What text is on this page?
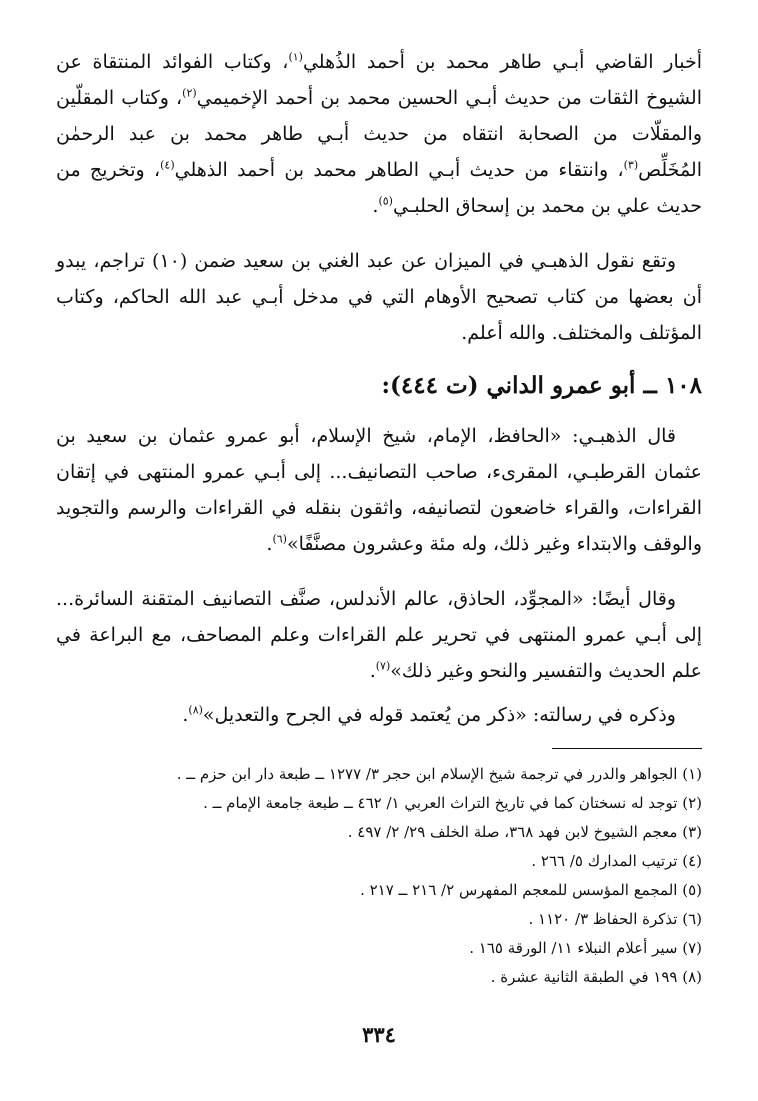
أخبار القاضي أبـي طاهر محمد بن أحمد الذُهلي$^{(١)}$، وكتاب الفوائد المنتقاة عن الشيوخ الثقات من حديث أبـي الحسين محمد بن أحمد الإخميمي$^{(٢)}$، وكتاب المقلّين والمقلّات من الصحابة انتقاه من حديث أبـي طاهر محمد بن عبد الرحمٰن المُخَلِّص$^{(٣)}$، وانتقاء من حديث أبـي الطاهر محمد بن أحمد الذهلي$^{(٤)}$، وتخريج من حديث علي بن محمد بن إسحاق الحلبـي$^{(٥)}$.

وتقع نقول الذهبـي في الميزان عن عبد الغني بن سعيد ضمن (١٠) تراجم، يبدو أن بعضها من كتاب تصحيح الأوهام التي في مدخل أبـي عبد الله الحاكم، وكتاب المؤتلف والمختلف. والله أعلم.

١٠٨ ــ أبو عمرو الداني (ت ٤٤٤):

قال الذهبـي: «الحافظ، الإمام، شيخ الإسلام، أبو عمرو عثمان بن سعيد بن عثمان القرطبـي، المقرىء، صاحب التصانيف... إلى أبـي عمرو المنتهى في إتقان القراءات، والقراء خاضعون لتصانيفه، واثقون بنقله في القراءات والرسم والتجويد والوقف والابتداء وغير ذلك، وله مئة وعشرون مصنَّفًا»$^{(٦)}$.

وقال أيضًا: «المجوِّد، الحاذق، عالم الأندلس، صنَّف التصانيف المتقنة السائرة... إلى أبـي عمرو المنتهى في تحرير علم القراءات وعلم المصاحف، مع البراعة في علم الحديث والتفسير والنحو وغير ذلك»$^{(٧)}$.

وذكره في رسالته: «ذكر من يُعتمد قوله في الجرح والتعديل»$^{(٨)}$.

(١) الجواهر والدرر في ترجمة شيخ الإسلام ابن حجر ٣/ ١٢٧٧ ــ طبعة دار ابن حزم ــ .
(٢) توجد له نسختان كما في تاريخ التراث العربي ١/ ٤٦٢ ــ طبعة جامعة الإمام ــ .
(٣) معجم الشيوخ لابن فهد ٣٦٨، صلة الخلف ٢٩/ ٢/ ٤٩٧ .
(٤) ترتيب المدارك ٥/ ٢٦٦ .
(٥) المجمع المؤسس للمعجم المفهرس ٢/ ٢١٦ ــ ٢١٧ .
(٦) تذكرة الحفاظ ٣/ ١١٢٠ .
(٧) سير أعلام النبلاء ١١/ الورقة ١٦٥ .
(٨) ١٩٩ في الطبقة الثانية عشرة .
٣٣٤
